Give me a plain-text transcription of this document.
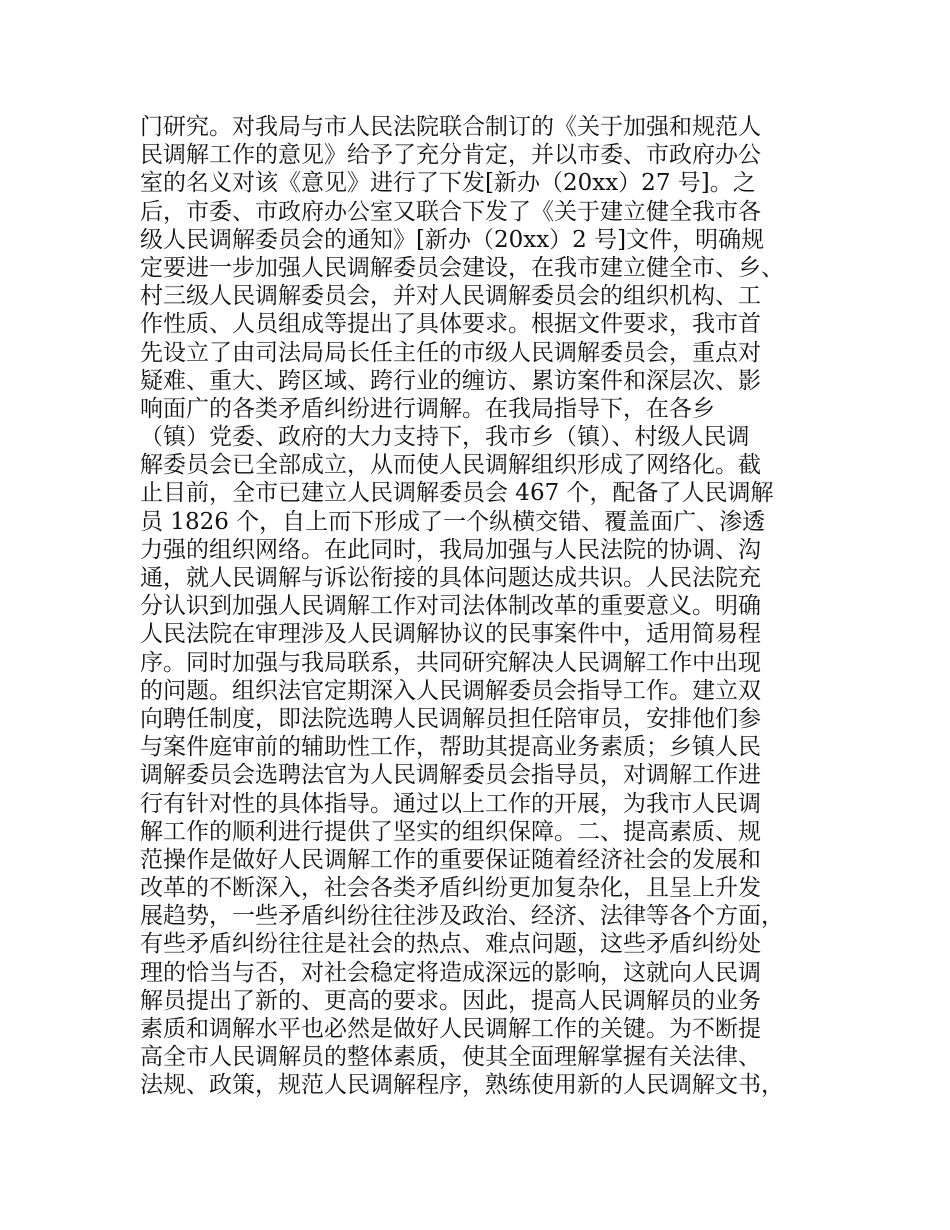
门研究。对我局与市人民法院联合制订的《关于加强和规范人
民调解工作的意见》给予了充分肯定，并以市委、市政府办公
室的名义对该《意见》进行了下发[新办（20xx）27 号]。之
后，市委、市政府办公室又联合下发了《关于建立健全我市各
级人民调解委员会的通知》[新办（20xx）2 号]文件，明确规
定要进一步加强人民调解委员会建设，在我市建立健全市、乡、
村三级人民调解委员会，并对人民调解委员会的组织机构、工
作性质、人员组成等提出了具体要求。根据文件要求，我市首
先设立了由司法局局长任主任的市级人民调解委员会，重点对
疑难、重大、跨区域、跨行业的缠访、累访案件和深层次、影
响面广的各类矛盾纠纷进行调解。在我局指导下，在各乡
（镇）党委、政府的大力支持下，我市乡（镇）、村级人民调
解委员会已全部成立，从而使人民调解组织形成了网络化。截
止目前，全市已建立人民调解委员会 467 个，配备了人民调解
员 1826 个，自上而下形成了一个纵横交错、覆盖面广、渗透
力强的组织网络。在此同时，我局加强与人民法院的协调、沟
通，就人民调解与诉讼衔接的具体问题达成共识。人民法院充
分认识到加强人民调解工作对司法体制改革的重要意义。明确
人民法院在审理涉及人民调解协议的民事案件中，适用简易程
序。同时加强与我局联系，共同研究解决人民调解工作中出现
的问题。组织法官定期深入人民调解委员会指导工作。建立双
向聘任制度，即法院选聘人民调解员担任陪审员，安排他们参
与案件庭审前的辅助性工作，帮助其提高业务素质；乡镇人民
调解委员会选聘法官为人民调解委员会指导员，对调解工作进
行有针对性的具体指导。通过以上工作的开展，为我市人民调
解工作的顺利进行提供了坚实的组织保障。二、提高素质、规
范操作是做好人民调解工作的重要保证随着经济社会的发展和
改革的不断深入，社会各类矛盾纠纷更加复杂化，且呈上升发
展趋势，一些矛盾纠纷往往涉及政治、经济、法律等各个方面，
有些矛盾纠纷往往是社会的热点、难点问题，这些矛盾纠纷处
理的恰当与否，对社会稳定将造成深远的影响，这就向人民调
解员提出了新的、更高的要求。因此，提高人民调解员的业务
素质和调解水平也必然是做好人民调解工作的关键。为不断提
高全市人民调解员的整体素质，使其全面理解掌握有关法律、
法规、政策，规范人民调解程序，熟练使用新的人民调解文书，
